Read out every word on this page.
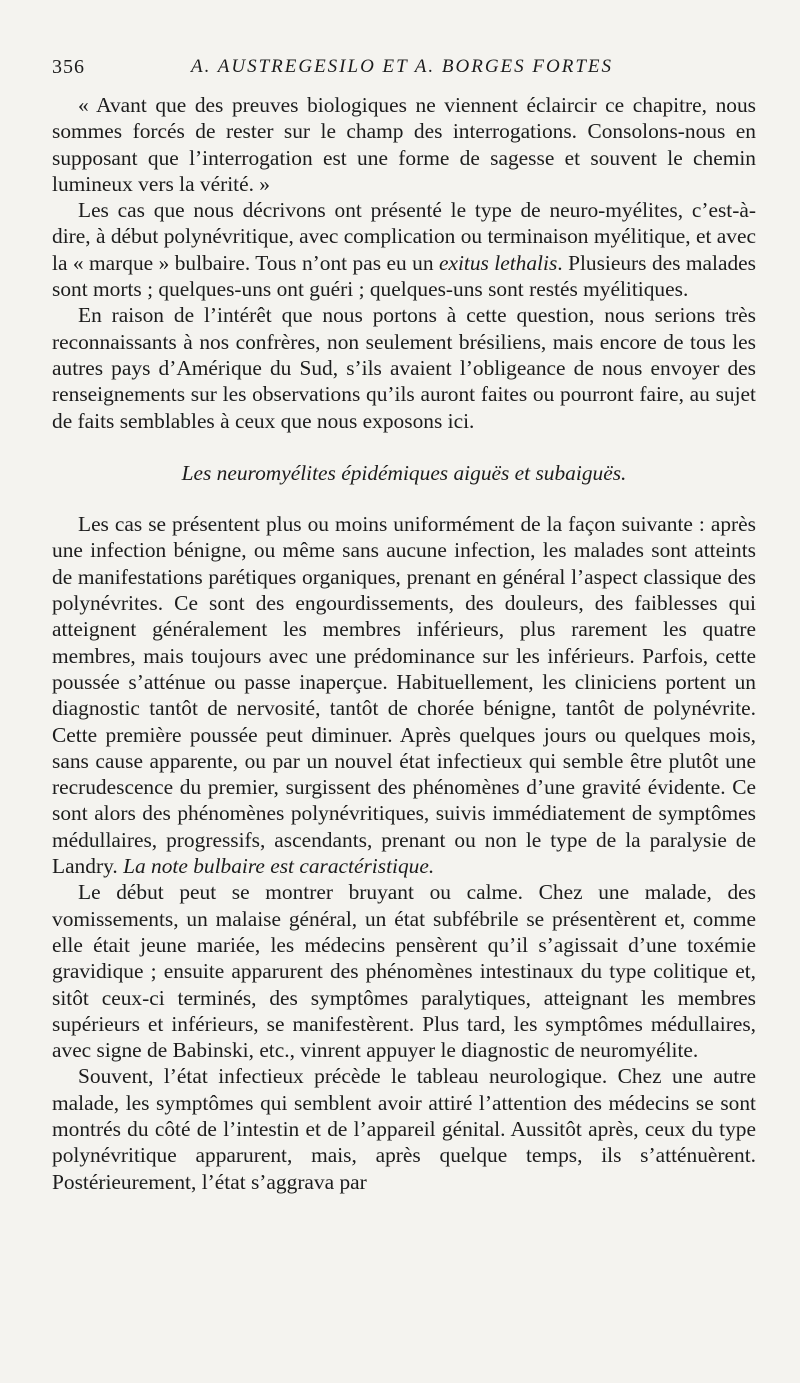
356	A. AUSTREGESILO ET A. BORGES FORTES

« Avant que des preuves biologiques ne viennent éclaircir ce chapitre, nous sommes forcés de rester sur le champ des interrogations. Consolons-nous en supposant que l’interrogation est une forme de sagesse et souvent le chemin lumineux vers la vérité. »

Les cas que nous décrivons ont présenté le type de neuro-myélites, c’est-à-dire, à début polynévritique, avec complication ou terminaison myélitique, et avec la « marque » bulbaire. Tous n’ont pas eu un exitus lethalis. Plusieurs des malades sont morts ; quelques-uns ont guéri ; quelques-uns sont restés myélitiques.

En raison de l’intérêt que nous portons à cette question, nous serions très reconnaissants à nos confrères, non seulement brésiliens, mais encore de tous les autres pays d’Amérique du Sud, s’ils avaient l’obligeance de nous envoyer des renseignements sur les observations qu’ils auront faites ou pourront faire, au sujet de faits semblables à ceux que nous exposons ici.

Les neuromyélites épidémiques aiguës et subaiguës.

Les cas se présentent plus ou moins uniformément de la façon suivante : après une infection bénigne, ou même sans aucune infection, les malades sont atteints de manifestations parétiques organiques, prenant en général l’aspect classique des polynévrites. Ce sont des engourdissements, des douleurs, des faiblesses qui atteignent généralement les membres inférieurs, plus rarement les quatre membres, mais toujours avec une prédominance sur les inférieurs. Parfois, cette poussée s’atténue ou passe inaperçue. Habituellement, les cliniciens portent un diagnostic tantôt de nervosité, tantôt de chorée bénigne, tantôt de polynévrite. Cette première poussée peut diminuer. Après quelques jours ou quelques mois, sans cause apparente, ou par un nouvel état infectieux qui semble être plutôt une recrudescence du premier, surgissent des phénomènes d’une gravité évidente. Ce sont alors des phénomènes polynévritiques, suivis immédiatement de symptômes médullaires, progressifs, ascendants, prenant ou non le type de la paralysie de Landry. La note bulbaire est caractéristique.

Le début peut se montrer bruyant ou calme. Chez une malade, des vomissements, un malaise général, un état subfébrile se présentèrent et, comme elle était jeune mariée, les médecins pensèrent qu’il s’agissait d’une toxémie gravidique ; ensuite apparurent des phénomènes intestinaux du type colitique et, sitôt ceux-ci terminés, des symptômes paralytiques, atteignant les membres supérieurs et inférieurs, se manifestèrent. Plus tard, les symptômes médullaires, avec signe de Babinski, etc., vinrent appuyer le diagnostic de neuromyélite.

Souvent, l’état infectieux précède le tableau neurologique. Chez une autre malade, les symptômes qui semblent avoir attiré l’attention des médecins se sont montrés du côté de l’intestin et de l’appareil génital. Aussitôt après, ceux du type polynévritique apparurent, mais, après quelque temps, ils s’atténuèrent. Postérieurement, l’état s’aggrava par
